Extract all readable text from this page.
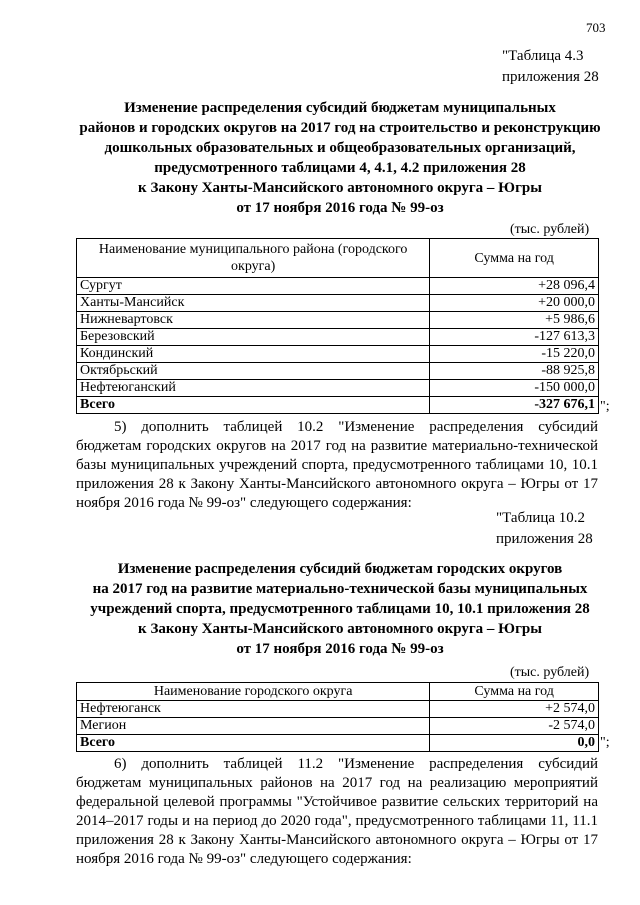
703
"Таблица 4.3
приложения 28
Изменение распределения субсидий бюджетам муниципальных
районов и городских округов на 2017 год на строительство и реконструкцию
дошкольных образовательных и общеобразовательных организаций,
предусмотренного таблицами 4, 4.1, 4.2 приложения 28
к Закону Ханты-Мансийского автономного округа – Югры
от 17 ноября 2016 года № 99-оз
(тыс. рублей)
Наименование муниципального района (городского округа)	Сумма на год
Сургут	+28 096,4
Ханты-Мансийск	+20 000,0
Нижневартовск	+5 986,6
Березовский	-127 613,3
Кондинский	-15 220,0
Октябрьский	-88 925,8
Нефтеюганский	-150 000,0
Всего	-327 676,1 ";
5) дополнить таблицей 10.2 "Изменение распределения субсидий бюджетам городских округов на 2017 год на развитие материально-технической базы муниципальных учреждений спорта, предусмотренного таблицами 10, 10.1 приложения 28 к Закону Ханты-Мансийского автономного округа – Югры от 17 ноября 2016 года № 99-оз" следующего содержания:
"Таблица 10.2
приложения 28
Изменение распределения субсидий бюджетам городских округов
на 2017 год на развитие материально-технической базы муниципальных
учреждений спорта, предусмотренного таблицами 10, 10.1 приложения 28
к Закону Ханты-Мансийского автономного округа – Югры
от 17 ноября 2016 года № 99-оз
(тыс. рублей)
Наименование городского округа	Сумма на год
Нефтеюганск	+2 574,0
Мегион	-2 574,0
Всего	0,0 ";
6) дополнить таблицей 11.2 "Изменение распределения субсидий бюджетам муниципальных районов на 2017 год на реализацию мероприятий федеральной целевой программы "Устойчивое развитие сельских территорий на 2014–2017 годы и на период до 2020 года", предусмотренного таблицами 11, 11.1 приложения 28 к Закону Ханты-Мансийского автономного округа – Югры от 17 ноября 2016 года № 99-оз" следующего содержания:
